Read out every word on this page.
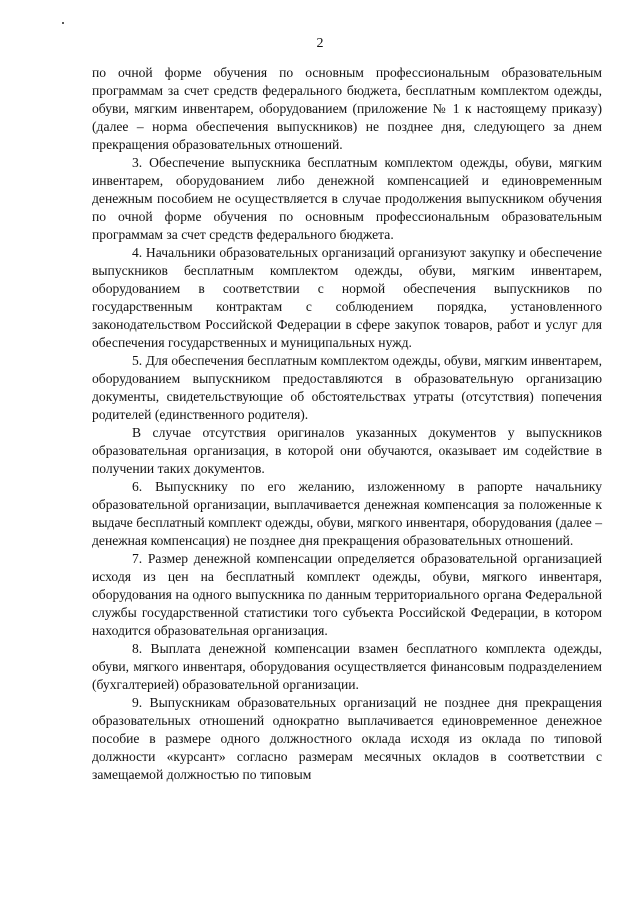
2

по очной форме обучения по основным профессиональным образовательным программам за счет средств федерального бюджета, бесплатным комплектом одежды, обуви, мягким инвентарем, оборудованием (приложение № 1 к настоящему приказу) (далее – норма обеспечения выпускников) не позднее дня, следующего за днем прекращения образовательных отношений.

3. Обеспечение выпускника бесплатным комплектом одежды, обуви, мягким инвентарем, оборудованием либо денежной компенсацией и единовременным денежным пособием не осуществляется в случае продолжения выпускником обучения по очной форме обучения по основным профессиональным образовательным программам за счет средств федерального бюджета.

4. Начальники образовательных организаций организуют закупку и обеспечение выпускников бесплатным комплектом одежды, обуви, мягким инвентарем, оборудованием в соответствии с нормой обеспечения выпускников по государственным контрактам с соблюдением порядка, установленного законодательством Российской Федерации в сфере закупок товаров, работ и услуг для обеспечения государственных и муниципальных нужд.

5. Для обеспечения бесплатным комплектом одежды, обуви, мягким инвентарем, оборудованием выпускником предоставляются в образовательную организацию документы, свидетельствующие об обстоятельствах утраты (отсутствия) попечения родителей (единственного родителя).

В случае отсутствия оригиналов указанных документов у выпускников образовательная организация, в которой они обучаются, оказывает им содействие в получении таких документов.

6. Выпускнику по его желанию, изложенному в рапорте начальнику образовательной организации, выплачивается денежная компенсация за положенные к выдаче бесплатный комплект одежды, обуви, мягкого инвентаря, оборудования (далее – денежная компенсация) не позднее дня прекращения образовательных отношений.

7. Размер денежной компенсации определяется образовательной организацией исходя из цен на бесплатный комплект одежды, обуви, мягкого инвентаря, оборудования на одного выпускника по данным территориального органа Федеральной службы государственной статистики того субъекта Российской Федерации, в котором находится образовательная организация.

8. Выплата денежной компенсации взамен бесплатного комплекта одежды, обуви, мягкого инвентаря, оборудования осуществляется финансовым подразделением (бухгалтерией) образовательной организации.

9. Выпускникам образовательных организаций не позднее дня прекращения образовательных отношений однократно выплачивается единовременное денежное пособие в размере одного должностного оклада исходя из оклада по типовой должности «курсант» согласно размерам месячных окладов в соответствии с замещаемой должностью по типовым
